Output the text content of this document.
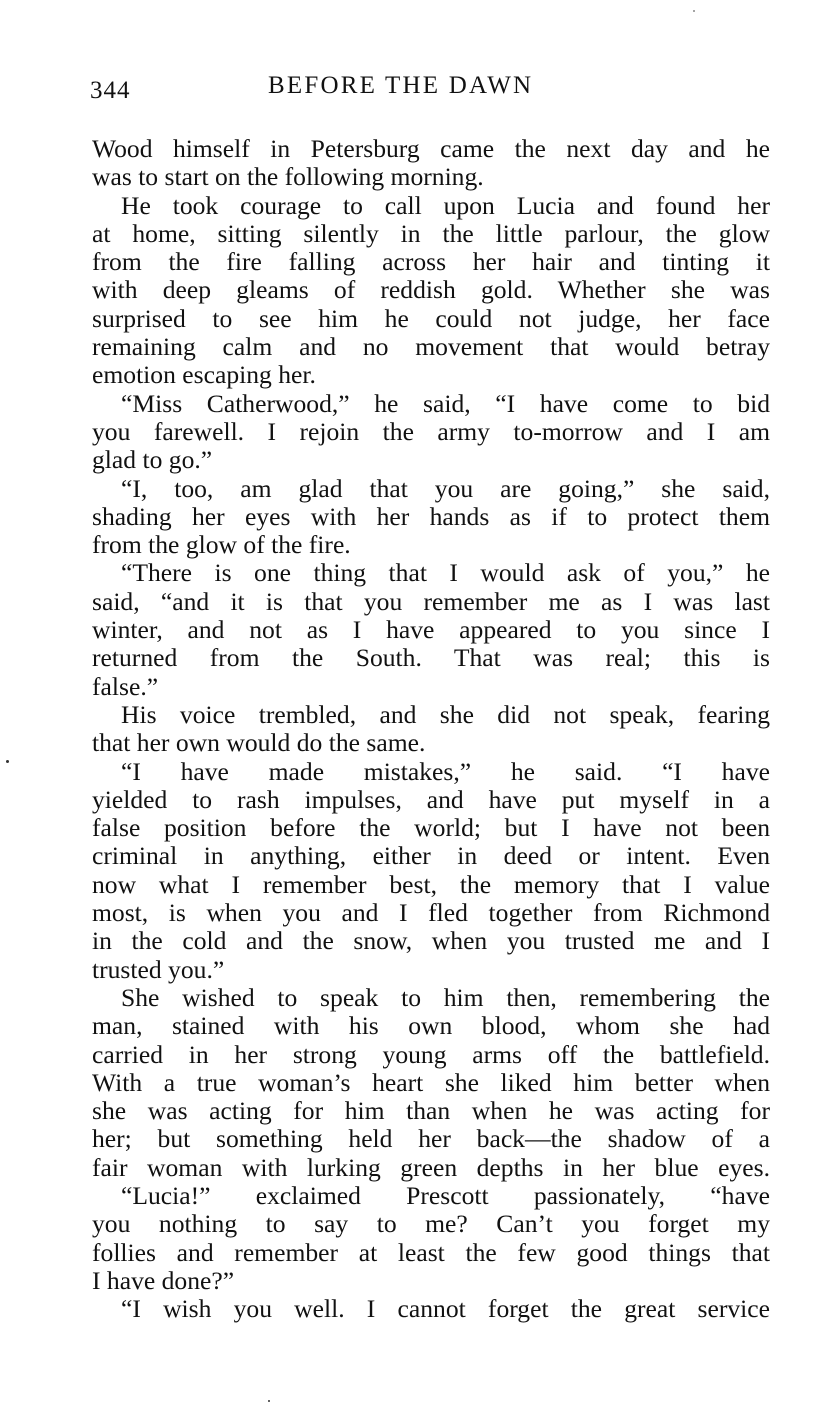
344	BEFORE THE DAWN
Wood himself in Petersburg came the next day and he
was to start on the following morning.
He took courage to call upon Lucia and found her
at home, sitting silently in the little parlour, the glow
from the fire falling across her hair and tinting it
with deep gleams of reddish gold. Whether she was
surprised to see him he could not judge, her face
remaining calm and no movement that would betray
emotion escaping her.
“Miss Catherwood,” he said, “I have come to bid
you farewell. I rejoin the army to-morrow and I am
glad to go.”
“I, too, am glad that you are going,” she said,
shading her eyes with her hands as if to protect them
from the glow of the fire.
“There is one thing that I would ask of you,” he
said, “and it is that you remember me as I was last
winter, and not as I have appeared to you since I
returned from the South. That was real; this is
false.”
His voice trembled, and she did not speak, fearing
that her own would do the same.
“I have made mistakes,” he said. “I have
yielded to rash impulses, and have put myself in a
false position before the world; but I have not been
criminal in anything, either in deed or intent. Even
now what I remember best, the memory that I value
most, is when you and I fled together from Richmond
in the cold and the snow, when you trusted me and I
trusted you.”
She wished to speak to him then, remembering the
man, stained with his own blood, whom she had
carried in her strong young arms off the battlefield.
With a true woman’s heart she liked him better when
she was acting for him than when he was acting for
her; but something held her back—the shadow of a
fair woman with lurking green depths in her blue eyes.
“Lucia!” exclaimed Prescott passionately, “have
you nothing to say to me? Can’t you forget my
follies and remember at least the few good things that
I have done?”
“I wish you well. I cannot forget the great service
